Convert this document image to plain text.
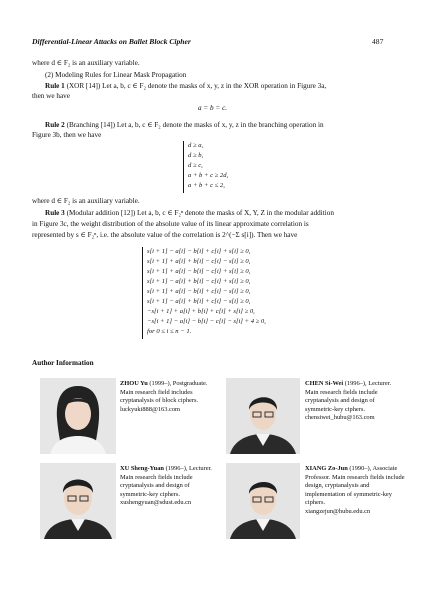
Differential-Linear Attacks on Ballet Block Cipher	487
where d ∈ F₂ is an auxiliary variable.
(2) Modeling Rules for Linear Mask Propagation
Rule 1 (XOR [14]) Let a, b, c ∈ F₂ denote the masks of x, y, z in the XOR operation in Figure 3a,
then we have
a = b = c.
Rule 2 (Branching [14]) Let a, b, c ∈ F₂ denote the masks of x, y, z in the branching operation in
Figure 3b, then we have
d ≥ a,
d ≥ b,
d ≥ c,
a + b + c ≥ 2d,
a + b + c ≤ 2,
where d ∈ F₂ is an auxiliary variable.
Rule 3 (Modular addition [12]) Let a, b, c ∈ F₂ⁿ denote the masks of X, Y, Z in the modular addition
in Figure 3c, the weight distribution of the absolute value of its linear approximate correlation is
represented by s ∈ F₂ⁿ, i.e. the absolute value of the correlation is 2^(−Σ s[i]). Then we have
s[i + 1] − a[i] − b[i] + c[i] + s[i] ≥ 0,
s[i + 1] + a[i] + b[i] − c[i] − s[i] ≥ 0,
s[i + 1] + a[i] − b[i] − c[i] + s[i] ≥ 0,
s[i + 1] − a[i] + b[i] − c[i] + s[i] ≥ 0,
s[i + 1] + a[i] − b[i] + c[i] − s[i] ≥ 0,
s[i + 1] − a[i] + b[i] + c[i] − s[i] ≥ 0,
−s[i + 1] + a[i] + b[i] + c[i] + s[i] ≥ 0,
−s[i + 1] − a[i] − b[i] − c[i] − s[i] + 4 ≥ 0,
for 0 ≤ i ≤ n − 1.
Author Information
ZHOU Yu (1999–), Postgraduate. Main research field includes cryptanalysis of block ciphers.
luckyuki888@163.com
CHEN Si-Wei (1996–), Lecturer. Main research fields include cryptanalysis and design of symmetric-key ciphers.
chensiwei_hubu@163.com
XU Sheng-Yuan (1996–), Lecturer. Main research fields include cryptanalysis and design of symmetric-key ciphers.
xushengyuan@sdust.edu.cn
XIANG Zo-Jun (1990–), Associate Professor. Main research fields include design, cryptanalysis and implementation of symmetric-key ciphers.
xiangzejun@hubu.edu.cn
